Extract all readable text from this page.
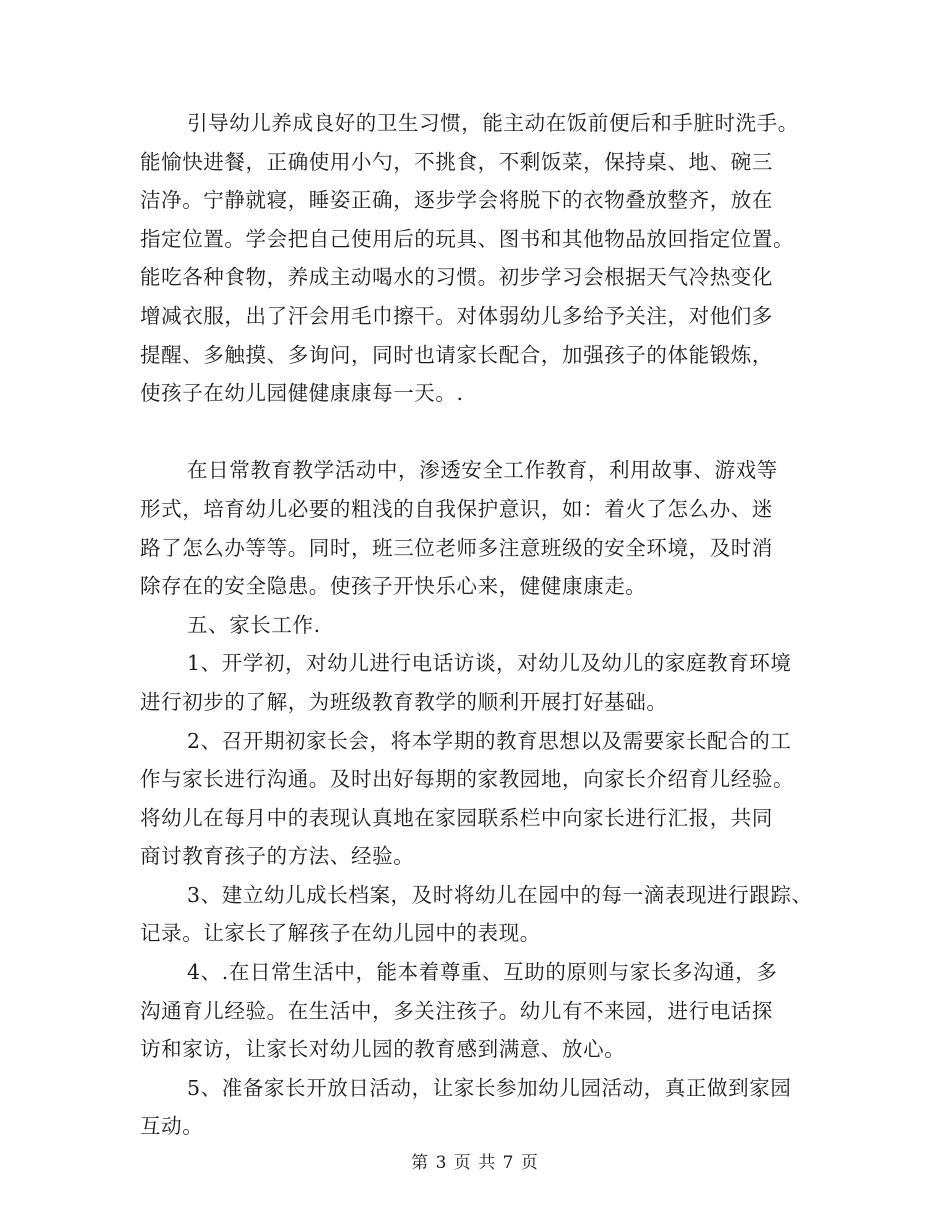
引导幼儿养成良好的卫生习惯，能主动在饭前便后和手脏时洗手。
能愉快进餐，正确使用小勺，不挑食，不剩饭菜，保持桌、地、碗三
洁净。宁静就寝，睡姿正确，逐步学会将脱下的衣物叠放整齐，放在
指定位置。学会把自己使用后的玩具、图书和其他物品放回指定位置。
能吃各种食物，养成主动喝水的习惯。初步学习会根据天气冷热变化
增减衣服，出了汗会用毛巾擦干。对体弱幼儿多给予关注，对他们多
提醒、多触摸、多询问，同时也请家长配合，加强孩子的体能锻炼，
使孩子在幼儿园健健康康每一天。.
在日常教育教学活动中，渗透安全工作教育，利用故事、游戏等
形式，培育幼儿必要的粗浅的自我保护意识，如：着火了怎么办、迷
路了怎么办等等。同时，班三位老师多注意班级的安全环境，及时消
除存在的安全隐患。使孩子开快乐心来，健健康康走。
五、家长工作.
1、开学初，对幼儿进行电话访谈，对幼儿及幼儿的家庭教育环境
进行初步的了解，为班级教育教学的顺利开展打好基础。
2、召开期初家长会，将本学期的教育思想以及需要家长配合的工
作与家长进行沟通。及时出好每期的家教园地，向家长介绍育儿经验。
将幼儿在每月中的表现认真地在家园联系栏中向家长进行汇报，共同
商讨教育孩子的方法、经验。
3、建立幼儿成长档案，及时将幼儿在园中的每一滴表现进行跟踪、
记录。让家长了解孩子在幼儿园中的表现。
4、.在日常生活中，能本着尊重、互助的原则与家长多沟通，多
沟通育儿经验。在生活中，多关注孩子。幼儿有不来园，进行电话探
访和家访，让家长对幼儿园的教育感到满意、放心。
5、准备家长开放日活动，让家长参加幼儿园活动，真正做到家园
互动。
第 3 页 共 7 页
